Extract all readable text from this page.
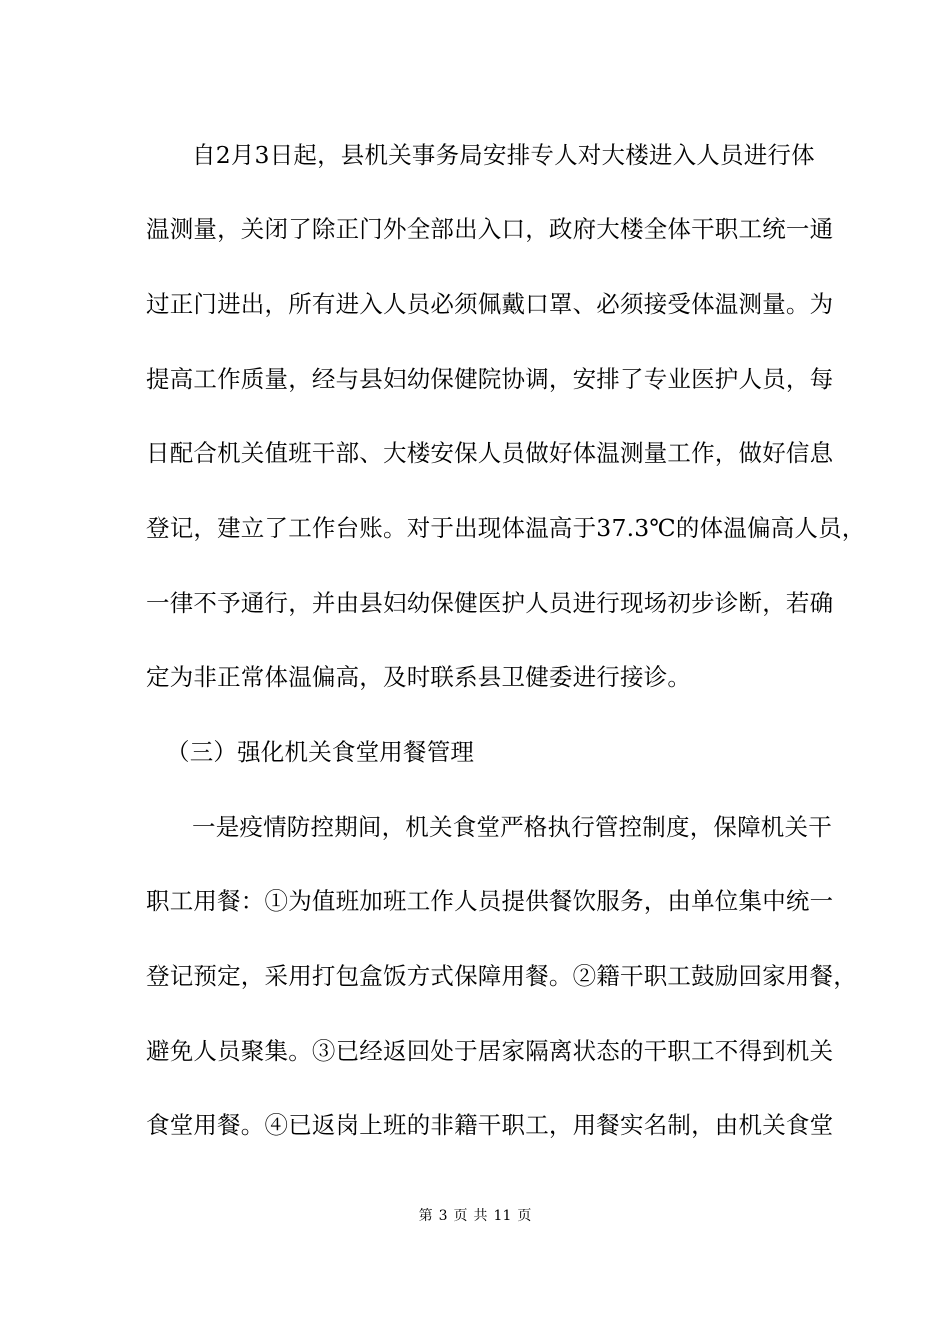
自2月3日起，县机关事务局安排专人对大楼进入人员进行体
温测量，关闭了除正门外全部出入口，政府大楼全体干职工统一通
过正门进出，所有进入人员必须佩戴口罩、必须接受体温测量。为
提高工作质量，经与县妇幼保健院协调，安排了专业医护人员，每
日配合机关值班干部、大楼安保人员做好体温测量工作，做好信息
登记，建立了工作台账。对于出现体温高于37.3℃的体温偏高人员，
一律不予通行，并由县妇幼保健医护人员进行现场初步诊断，若确
定为非正常体温偏高，及时联系县卫健委进行接诊。
（三）强化机关食堂用餐管理
一是疫情防控期间，机关食堂严格执行管控制度，保障机关干
职工用餐：①为值班加班工作人员提供餐饮服务，由单位集中统一
登记预定，采用打包盒饭方式保障用餐。②籍干职工鼓励回家用餐，
避免人员聚集。③已经返回处于居家隔离状态的干职工不得到机关
食堂用餐。④已返岗上班的非籍干职工，用餐实名制，由机关食堂
第 3 页 共 11 页
